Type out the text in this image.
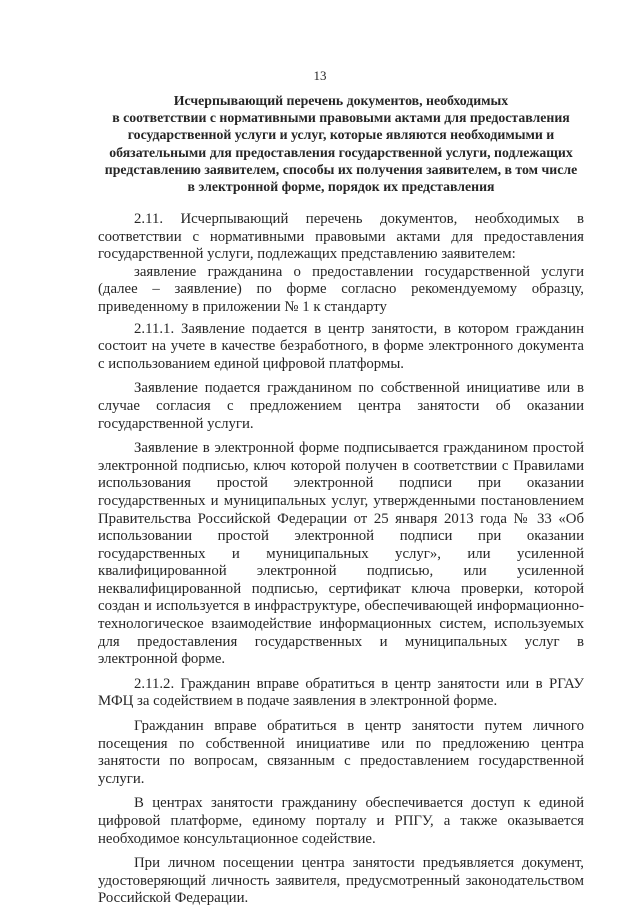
13
Исчерпывающий перечень документов, необходимых
в соответствии с нормативными правовыми актами для предоставления
государственной услуги и услуг, которые являются необходимыми и
обязательными для предоставления государственной услуги, подлежащих
представлению заявителем, способы их получения заявителем, в том числе
в электронной форме, порядок их представления

2.11. Исчерпывающий перечень документов, необходимых в соответствии с нормативными правовыми актами для предоставления государственной услуги, подлежащих представлению заявителем:

заявление гражданина о предоставлении государственной услуги (далее – заявление) по форме согласно рекомендуемому образцу, приведенному в приложении № 1 к стандарту

2.11.1. Заявление подается в центр занятости, в котором гражданин состоит на учете в качестве безработного, в форме электронного документа с использованием единой цифровой платформы.

Заявление подается гражданином по собственной инициативе или в случае согласия с предложением центра занятости об оказании государственной услуги.

Заявление в электронной форме подписывается гражданином простой электронной подписью, ключ которой получен в соответствии с Правилами использования простой электронной подписи при оказании государственных и муниципальных услуг, утвержденными постановлением Правительства Российской Федерации от 25 января 2013 года № 33 «Об использовании простой электронной подписи при оказании государственных и муниципальных услуг», или усиленной квалифицированной электронной подписью, или усиленной неквалифицированной подписью, сертификат ключа проверки, которой создан и используется в инфраструктуре, обеспечивающей информационно-технологическое взаимодействие информационных систем, используемых для предоставления государственных и муниципальных услуг в электронной форме.

2.11.2. Гражданин вправе обратиться в центр занятости или в РГАУ МФЦ за содействием в подаче заявления в электронной форме.

Гражданин вправе обратиться в центр занятости путем личного посещения по собственной инициативе или по предложению центра занятости по вопросам, связанным с предоставлением государственной услуги.

В центрах занятости гражданину обеспечивается доступ к единой цифровой платформе, единому порталу и РПГУ, а также оказывается необходимое консультационное содействие.

При личном посещении центра занятости предъявляется документ, удостоверяющий личность заявителя, предусмотренный законодательством Российской Федерации.
